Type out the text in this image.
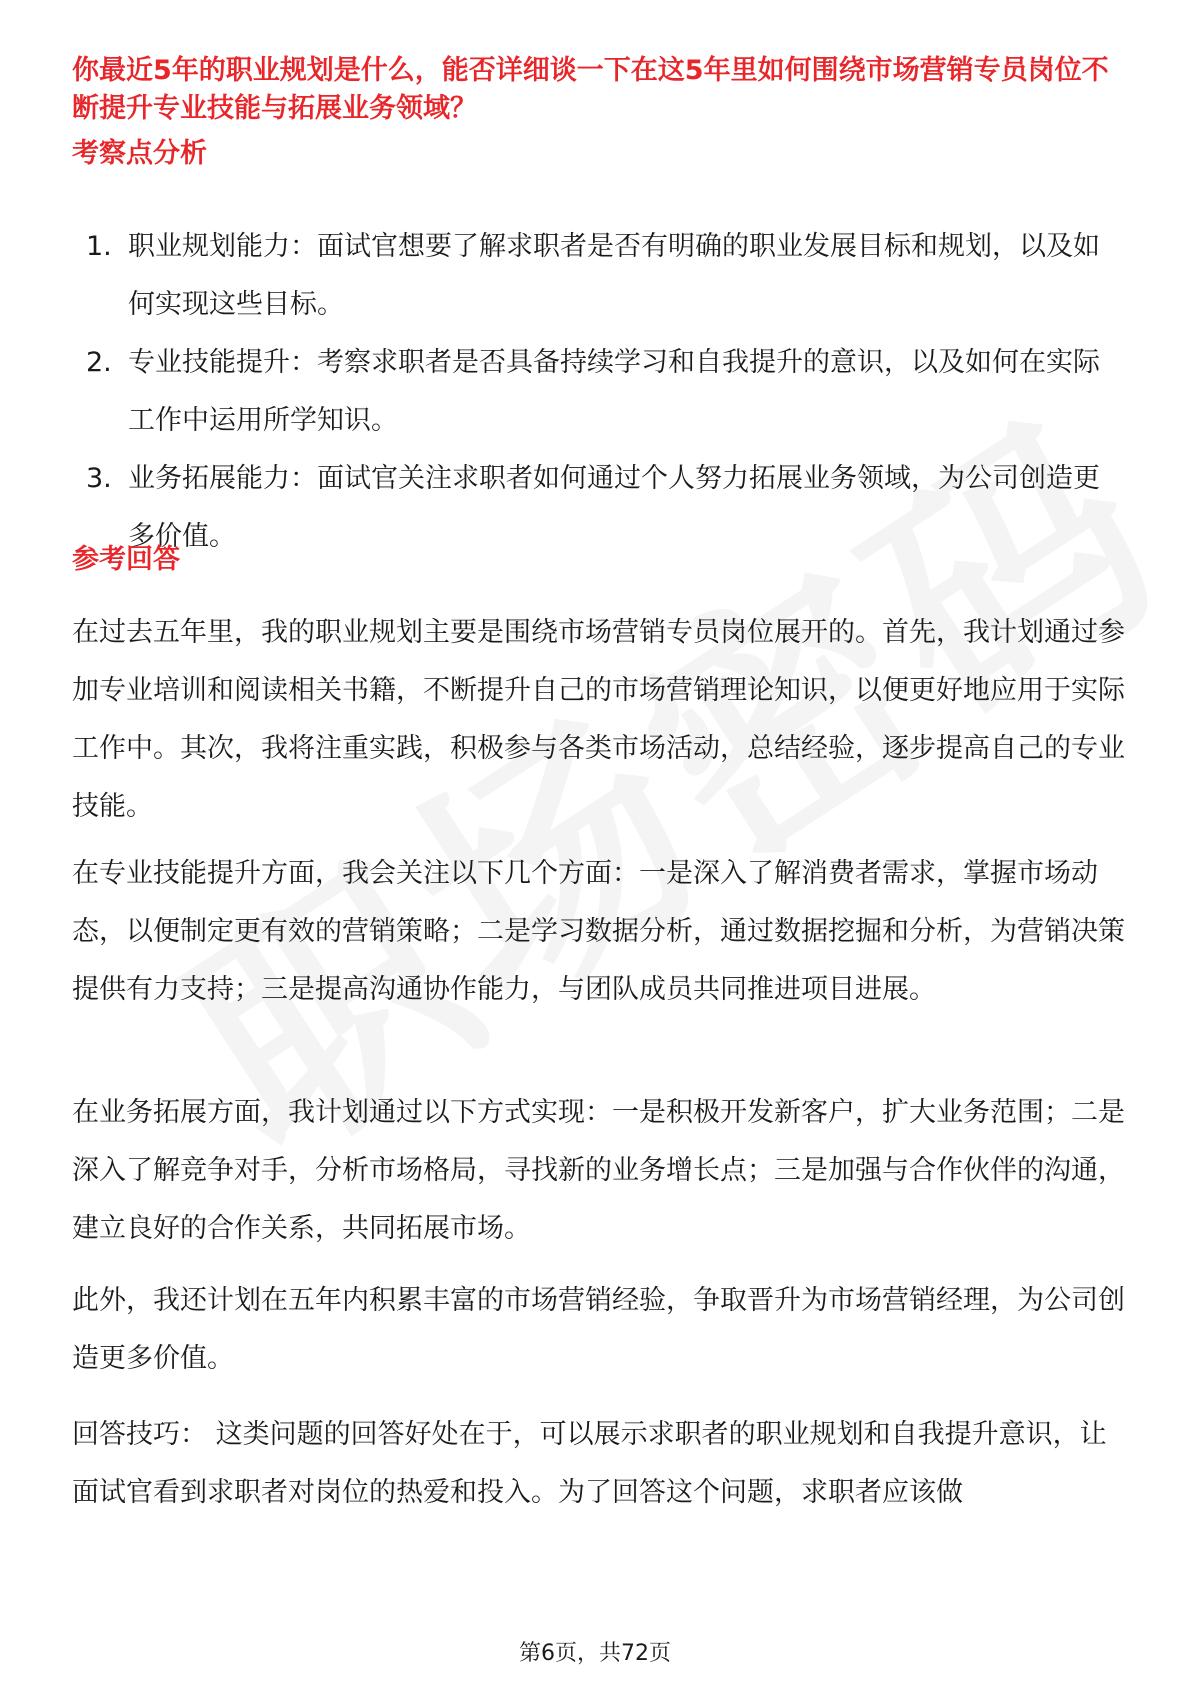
你最近5年的职业规划是什么，能否详细谈一下在这5年里如何围绕市场营销专员岗位不断提升专业技能与拓展业务领域？
考察点分析
1. 职业规划能力：面试官想要了解求职者是否有明确的职业发展目标和规划，以及如何实现这些目标。
2. 专业技能提升：考察求职者是否具备持续学习和自我提升的意识，以及如何在实际工作中运用所学知识。
3. 业务拓展能力：面试官关注求职者如何通过个人努力拓展业务领域，为公司创造更多价值。
参考回答

在过去五年里，我的职业规划主要是围绕市场营销专员岗位展开的。首先，我计划通过参加专业培训和阅读相关书籍，不断提升自己的市场营销理论知识，以便更好地应用于实际工作中。其次，我将注重实践，积极参与各类市场活动，总结经验，逐步提高自己的专业技能。

在专业技能提升方面，我会关注以下几个方面：一是深入了解消费者需求，掌握市场动态，以便制定更有效的营销策略；二是学习数据分析，通过数据挖掘和分析，为营销决策提供有力支持；三是提高沟通协作能力，与团队成员共同推进项目进展。

在业务拓展方面，我计划通过以下方式实现：一是积极开发新客户，扩大业务范围；二是深入了解竞争对手，分析市场格局，寻找新的业务增长点；三是加强与合作伙伴的沟通，建立良好的合作关系，共同拓展市场。

此外，我还计划在五年内积累丰富的市场营销经验，争取晋升为市场营销经理，为公司创造更多价值。

回答技巧： 这类问题的回答好处在于，可以展示求职者的职业规划和自我提升意识，让面试官看到求职者对岗位的热爱和投入。为了回答这个问题，求职者应该做

第6页，共72页
